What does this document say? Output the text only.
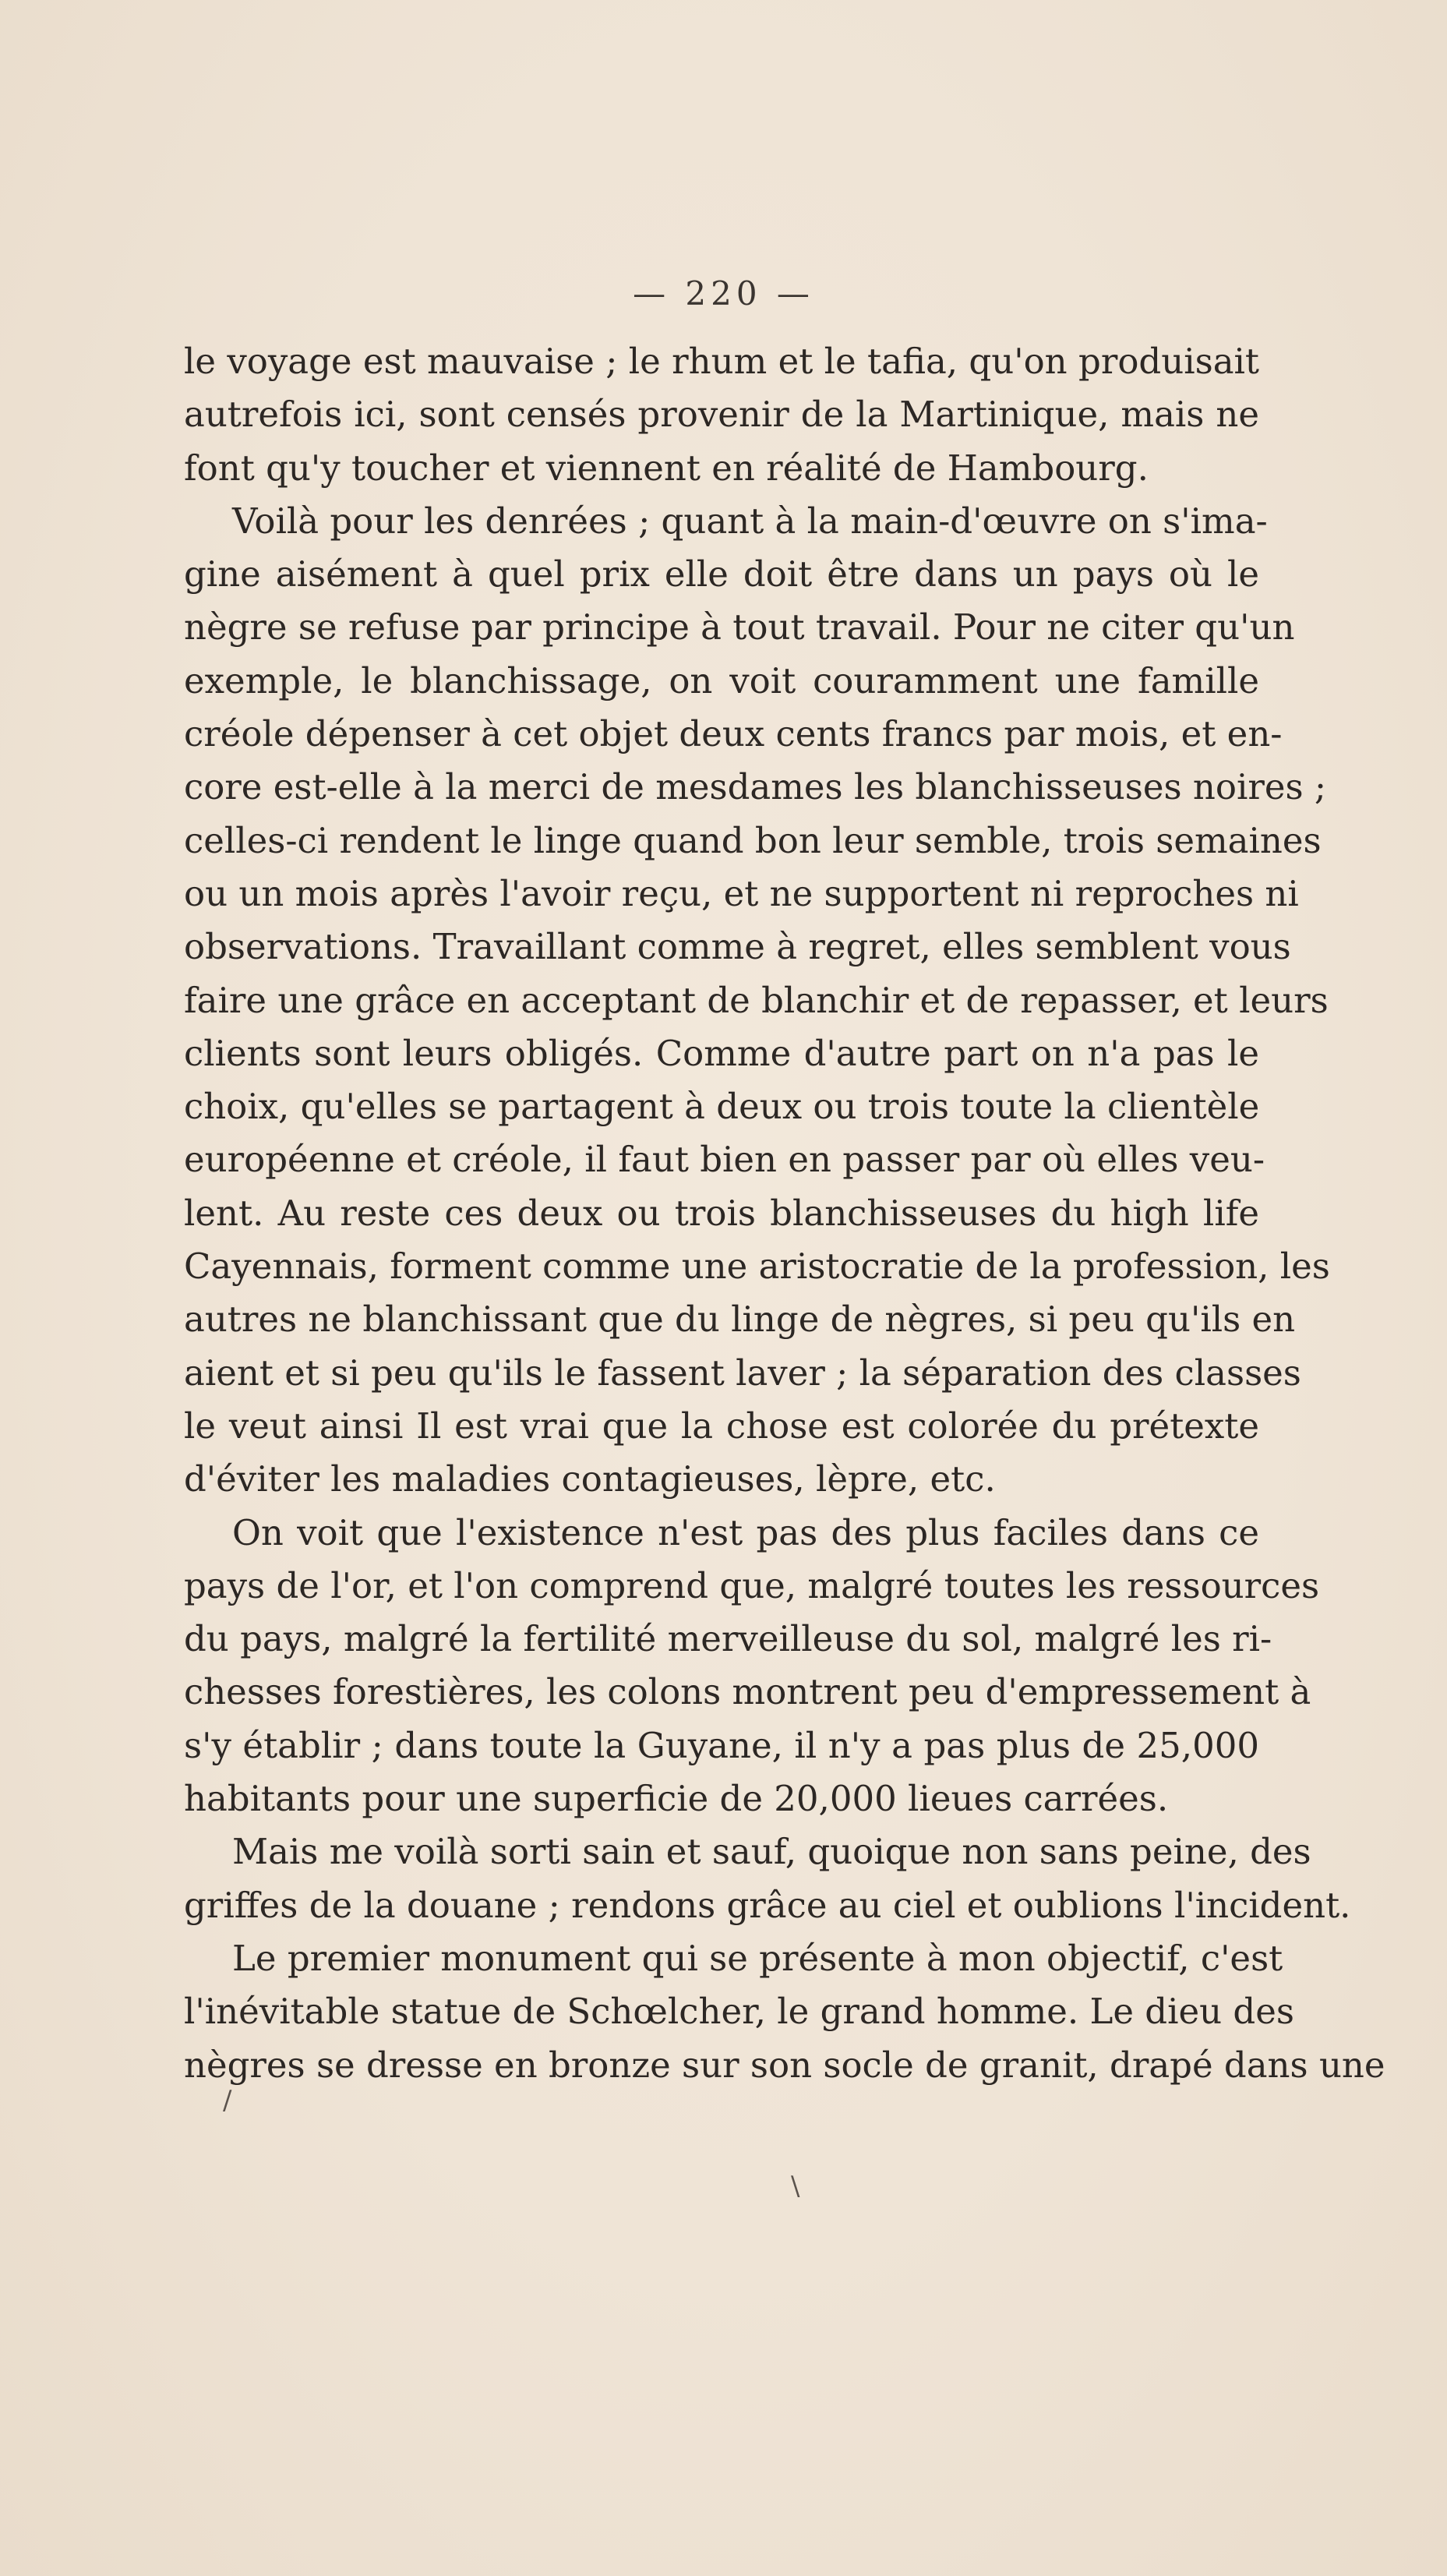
— 220 —
le voyage est mauvaise ; le rhum et le tafia, qu'on produisait
autrefois ici, sont censés provenir de la Martinique, mais ne
font qu'y toucher et viennent en réalité de Hambourg.
Voilà pour les denrées ; quant à la main-d'œuvre on s'ima-
gine aisément à quel prix elle doit être dans un pays où le
nègre se refuse par principe à tout travail. Pour ne citer qu'un
exemple, le blanchissage, on voit couramment une famille
créole dépenser à cet objet deux cents francs par mois, et en-
core est-elle à la merci de mesdames les blanchisseuses noires ;
celles-ci rendent le linge quand bon leur semble, trois semaines
ou un mois après l'avoir reçu, et ne supportent ni reproches ni
observations. Travaillant comme à regret, elles semblent vous
faire une grâce en acceptant de blanchir et de repasser, et leurs
clients sont leurs obligés. Comme d'autre part on n'a pas le
choix, qu'elles se partagent à deux ou trois toute la clientèle
européenne et créole, il faut bien en passer par où elles veu-
lent. Au reste ces deux ou trois blanchisseuses du high life
Cayennais, forment comme une aristocratie de la profession, les
autres ne blanchissant que du linge de nègres, si peu qu'ils en
aient et si peu qu'ils le fassent laver ; la séparation des classes
le veut ainsi Il est vrai que la chose est colorée du prétexte
d'éviter les maladies contagieuses, lèpre, etc.
On voit que l'existence n'est pas des plus faciles dans ce
pays de l'or, et l'on comprend que, malgré toutes les ressources
du pays, malgré la fertilité merveilleuse du sol, malgré les ri-
chesses forestières, les colons montrent peu d'empressement à
s'y établir ; dans toute la Guyane, il n'y a pas plus de 25,000
habitants pour une superficie de 20,000 lieues carrées.
Mais me voilà sorti sain et sauf, quoique non sans peine, des
griffes de la douane ; rendons grâce au ciel et oublions l'incident.
Le premier monument qui se présente à mon objectif, c'est
l'inévitable statue de Schœlcher, le grand homme. Le dieu des
nègres se dresse en bronze sur son socle de granit, drapé dans une
/
\
